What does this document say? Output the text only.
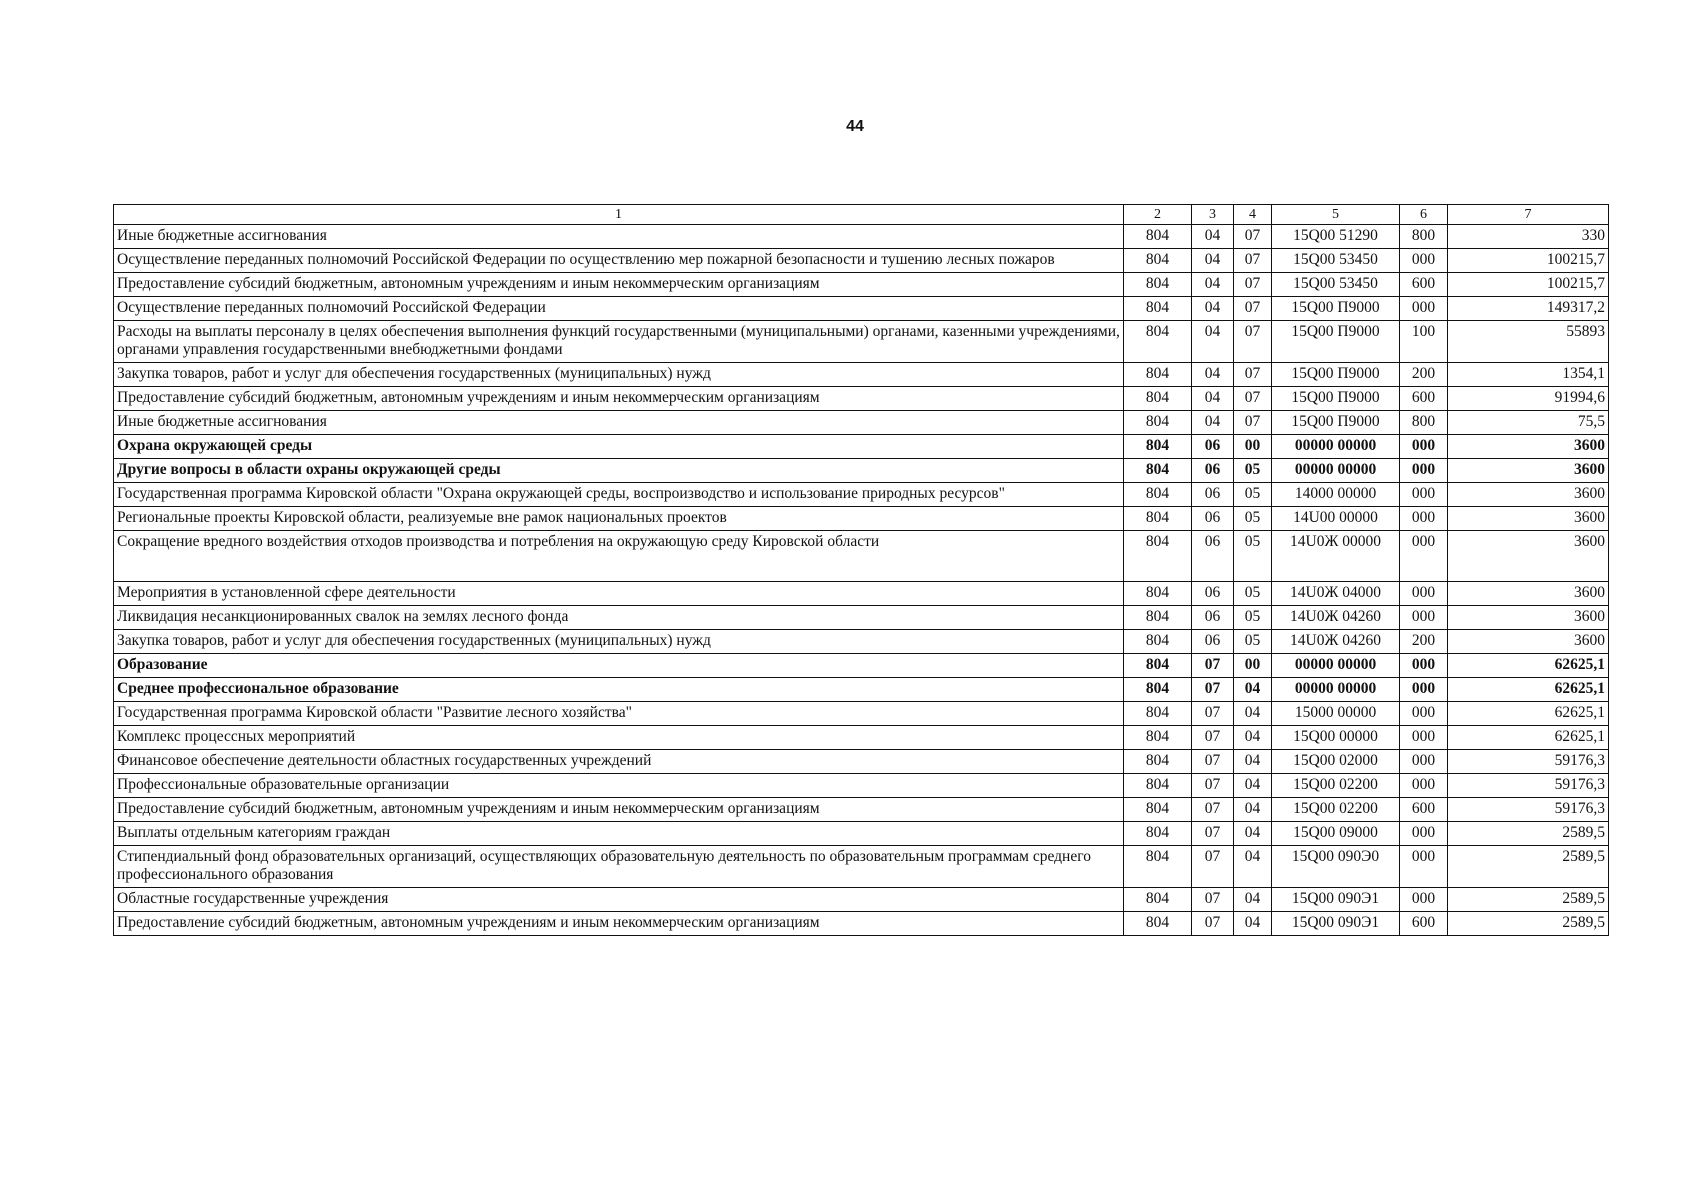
44
1	2	3	4	5	6	7
Иные бюджетные ассигнования	804	04	07	15Q00 51290	800	330
Осуществление переданных полномочий Российской Федерации по осуществлению мер пожарной безопасности и тушению лесных пожаров	804	04	07	15Q00 53450	000	100215,7
Предоставление субсидий бюджетным, автономным учреждениям и иным некоммерческим организациям	804	04	07	15Q00 53450	600	100215,7
Осуществление переданных полномочий Российской Федерации	804	04	07	15Q00 П9000	000	149317,2
Расходы на выплаты персоналу в целях обеспечения выполнения функций государственными (муниципальными) органами, казенными учреждениями, органами управления государственными внебюджетными фондами	804	04	07	15Q00 П9000	100	55893
Закупка товаров, работ и услуг для обеспечения государственных (муниципальных) нужд	804	04	07	15Q00 П9000	200	1354,1
Предоставление субсидий бюджетным, автономным учреждениям и иным некоммерческим организациям	804	04	07	15Q00 П9000	600	91994,6
Иные бюджетные ассигнования	804	04	07	15Q00 П9000	800	75,5
Охрана окружающей среды	804	06	00	00000 00000	000	3600
Другие вопросы в области охраны окружающей среды	804	06	05	00000 00000	000	3600
Государственная программа Кировской области "Охрана окружающей среды, воспроизводство и использование природных ресурсов"	804	06	05	14000 00000	000	3600
Региональные проекты Кировской области, реализуемые вне рамок национальных проектов	804	06	05	14U00 00000	000	3600
Сокращение вредного воздействия отходов производства и потребления на окружающую среду Кировской области	804	06	05	14U0Ж 00000	000	3600
Мероприятия в установленной сфере деятельности	804	06	05	14U0Ж 04000	000	3600
Ликвидация несанкционированных свалок на землях лесного фонда	804	06	05	14U0Ж 04260	000	3600
Закупка товаров, работ и услуг для обеспечения государственных (муниципальных) нужд	804	06	05	14U0Ж 04260	200	3600
Образование	804	07	00	00000 00000	000	62625,1
Среднее профессиональное образование	804	07	04	00000 00000	000	62625,1
Государственная программа Кировской области "Развитие лесного хозяйства"	804	07	04	15000 00000	000	62625,1
Комплекс процессных мероприятий	804	07	04	15Q00 00000	000	62625,1
Финансовое обеспечение деятельности областных государственных учреждений	804	07	04	15Q00 02000	000	59176,3
Профессиональные образовательные организации	804	07	04	15Q00 02200	000	59176,3
Предоставление субсидий бюджетным, автономным учреждениям и иным некоммерческим организациям	804	07	04	15Q00 02200	600	59176,3
Выплаты отдельным категориям граждан	804	07	04	15Q00 09000	000	2589,5
Стипендиальный фонд образовательных организаций, осуществляющих образовательную деятельность по образовательным программам среднего профессионального образования	804	07	04	15Q00 090Э0	000	2589,5
Областные государственные учреждения	804	07	04	15Q00 090Э1	000	2589,5
Предоставление субсидий бюджетным, автономным учреждениям и иным некоммерческим организациям	804	07	04	15Q00 090Э1	600	2589,5
